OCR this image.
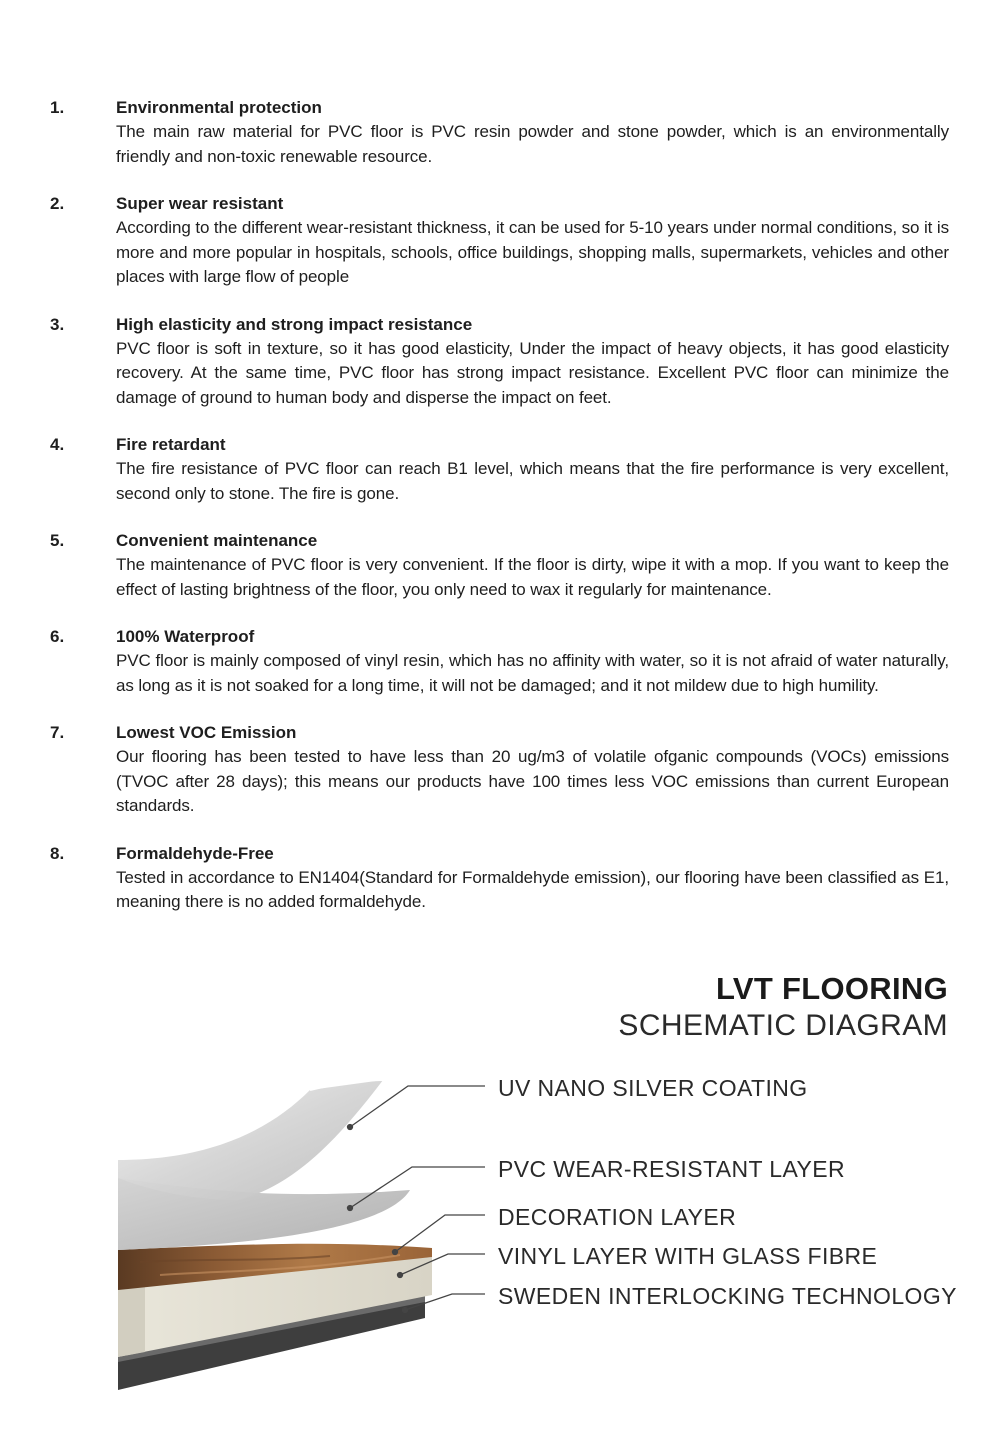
1.	Environmental protection

The main raw material for PVC floor is PVC resin powder and stone powder, which is an environmentally friendly and non-toxic renewable resource.

2.	Super wear resistant

According to the different wear-resistant thickness, it can be used for 5-10 years under normal conditions, so it is more and more popular in hospitals, schools, office buildings, shopping malls, supermarkets, vehicles and other places with large flow of people

3.	High elasticity and strong impact resistance

PVC floor is soft in texture, so it has good elasticity, Under the impact of heavy objects, it has good elasticity recovery. At the same time, PVC floor has strong impact resistance. Excellent PVC floor can minimize the damage of ground to human body and disperse the impact on feet.

4.	Fire retardant

The fire resistance of PVC floor can reach B1 level, which means that the fire performance is very excellent, second only to stone. The fire is gone.

5.	Convenient maintenance

The maintenance of PVC floor is very convenient. If the floor is dirty, wipe it with a mop. If you want to keep the effect of lasting brightness of the floor, you only need to wax it regularly for maintenance.

6.	100% Waterproof

PVC floor is mainly composed of vinyl resin, which has no affinity with water, so it is not afraid of water naturally, as long as it is not soaked for a long time, it will not be damaged; and it not mildew due to high humility.

7.	Lowest VOC Emission

Our flooring has been tested to have less than 20 ug/m3 of volatile ofganic compounds (VOCs) emissions (TVOC after 28 days); this means our products have 100 times less VOC emissions than current European standards.

8.	Formaldehyde-Free

Tested in accordance to EN1404(Standard for Formaldehyde emission), our flooring have been classified as E1, meaning there is no added formaldehyde.

LVT FLOORING
SCHEMATIC DIAGRAM
UV NANO SILVER COATING
PVC WEAR-RESISTANT LAYER
DECORATION LAYER
VINYL LAYER WITH GLASS FIBRE
SWEDEN INTERLOCKING TECHNOLOGY
